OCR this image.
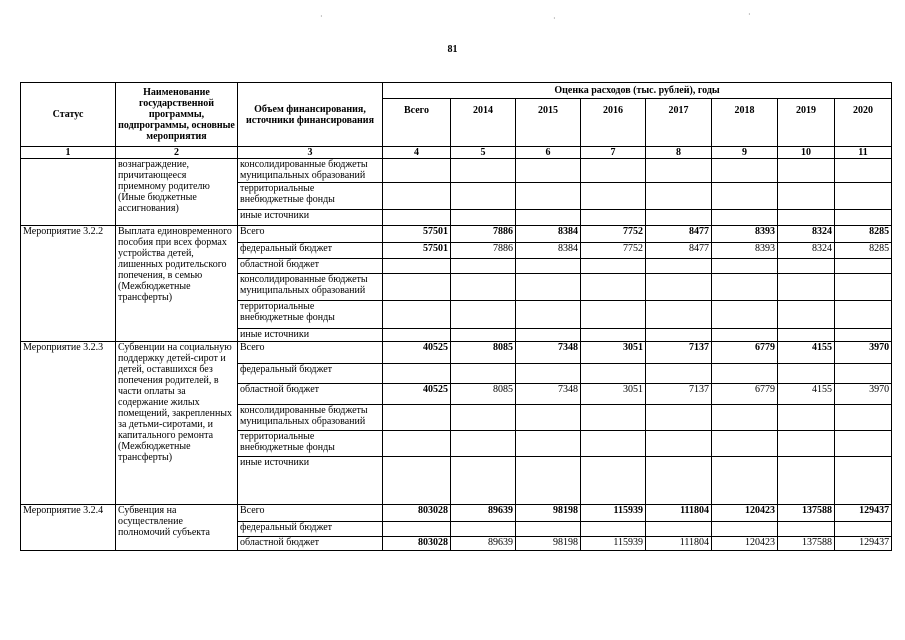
81
Статус	Наименование государственной программы, подпрограммы, основные мероприятия	Объем финансирования, источники финансирования	Оценка расходов (тыс. рублей), годы							
			Всего	2014	2015	2016	2017	2018	2019	2020
1	2	3	4	5	6	7	8	9	10	11
	вознаграждение, причитающееся приемному родителю (Иные бюджетные ассигнования)	консолидированные бюджеты муниципальных образований								
		территориальные внебюджетные фонды								
		иные источники								
Мероприятие 3.2.2	Выплата единовременного пособия при всех формах устройства детей, лишенных родительского попечения, в семью (Межбюджетные трансферты)	Всего	57501	7886	8384	7752	8477	8393	8324	8285
		федеральный бюджет	57501	7886	8384	7752	8477	8393	8324	8285
		областной бюджет								
		консолидированные бюджеты муниципальных образований								
		территориальные внебюджетные фонды								
		иные источники								
Мероприятие 3.2.3	Субвенции на социальную поддержку детей-сирот и детей, оставшихся без попечения родителей, в части оплаты за содержание жилых помещений, закрепленных за детьми-сиротами, и капитального ремонта (Межбюджетные трансферты)	Всего	40525	8085	7348	3051	7137	6779	4155	3970
		федеральный бюджет								
		областной бюджет	40525	8085	7348	3051	7137	6779	4155	3970
		консолидированные бюджеты муниципальных образований								
		территориальные внебюджетные фонды								
		иные источники								
Мероприятие 3.2.4	Субвенция на осуществление полномочий субъекта	Всего	803028	89639	98198	115939	111804	120423	137588	129437
		федеральный бюджет								
		областной бюджет	803028	89639	98198	115939	111804	120423	137588	129437
·	·	·
